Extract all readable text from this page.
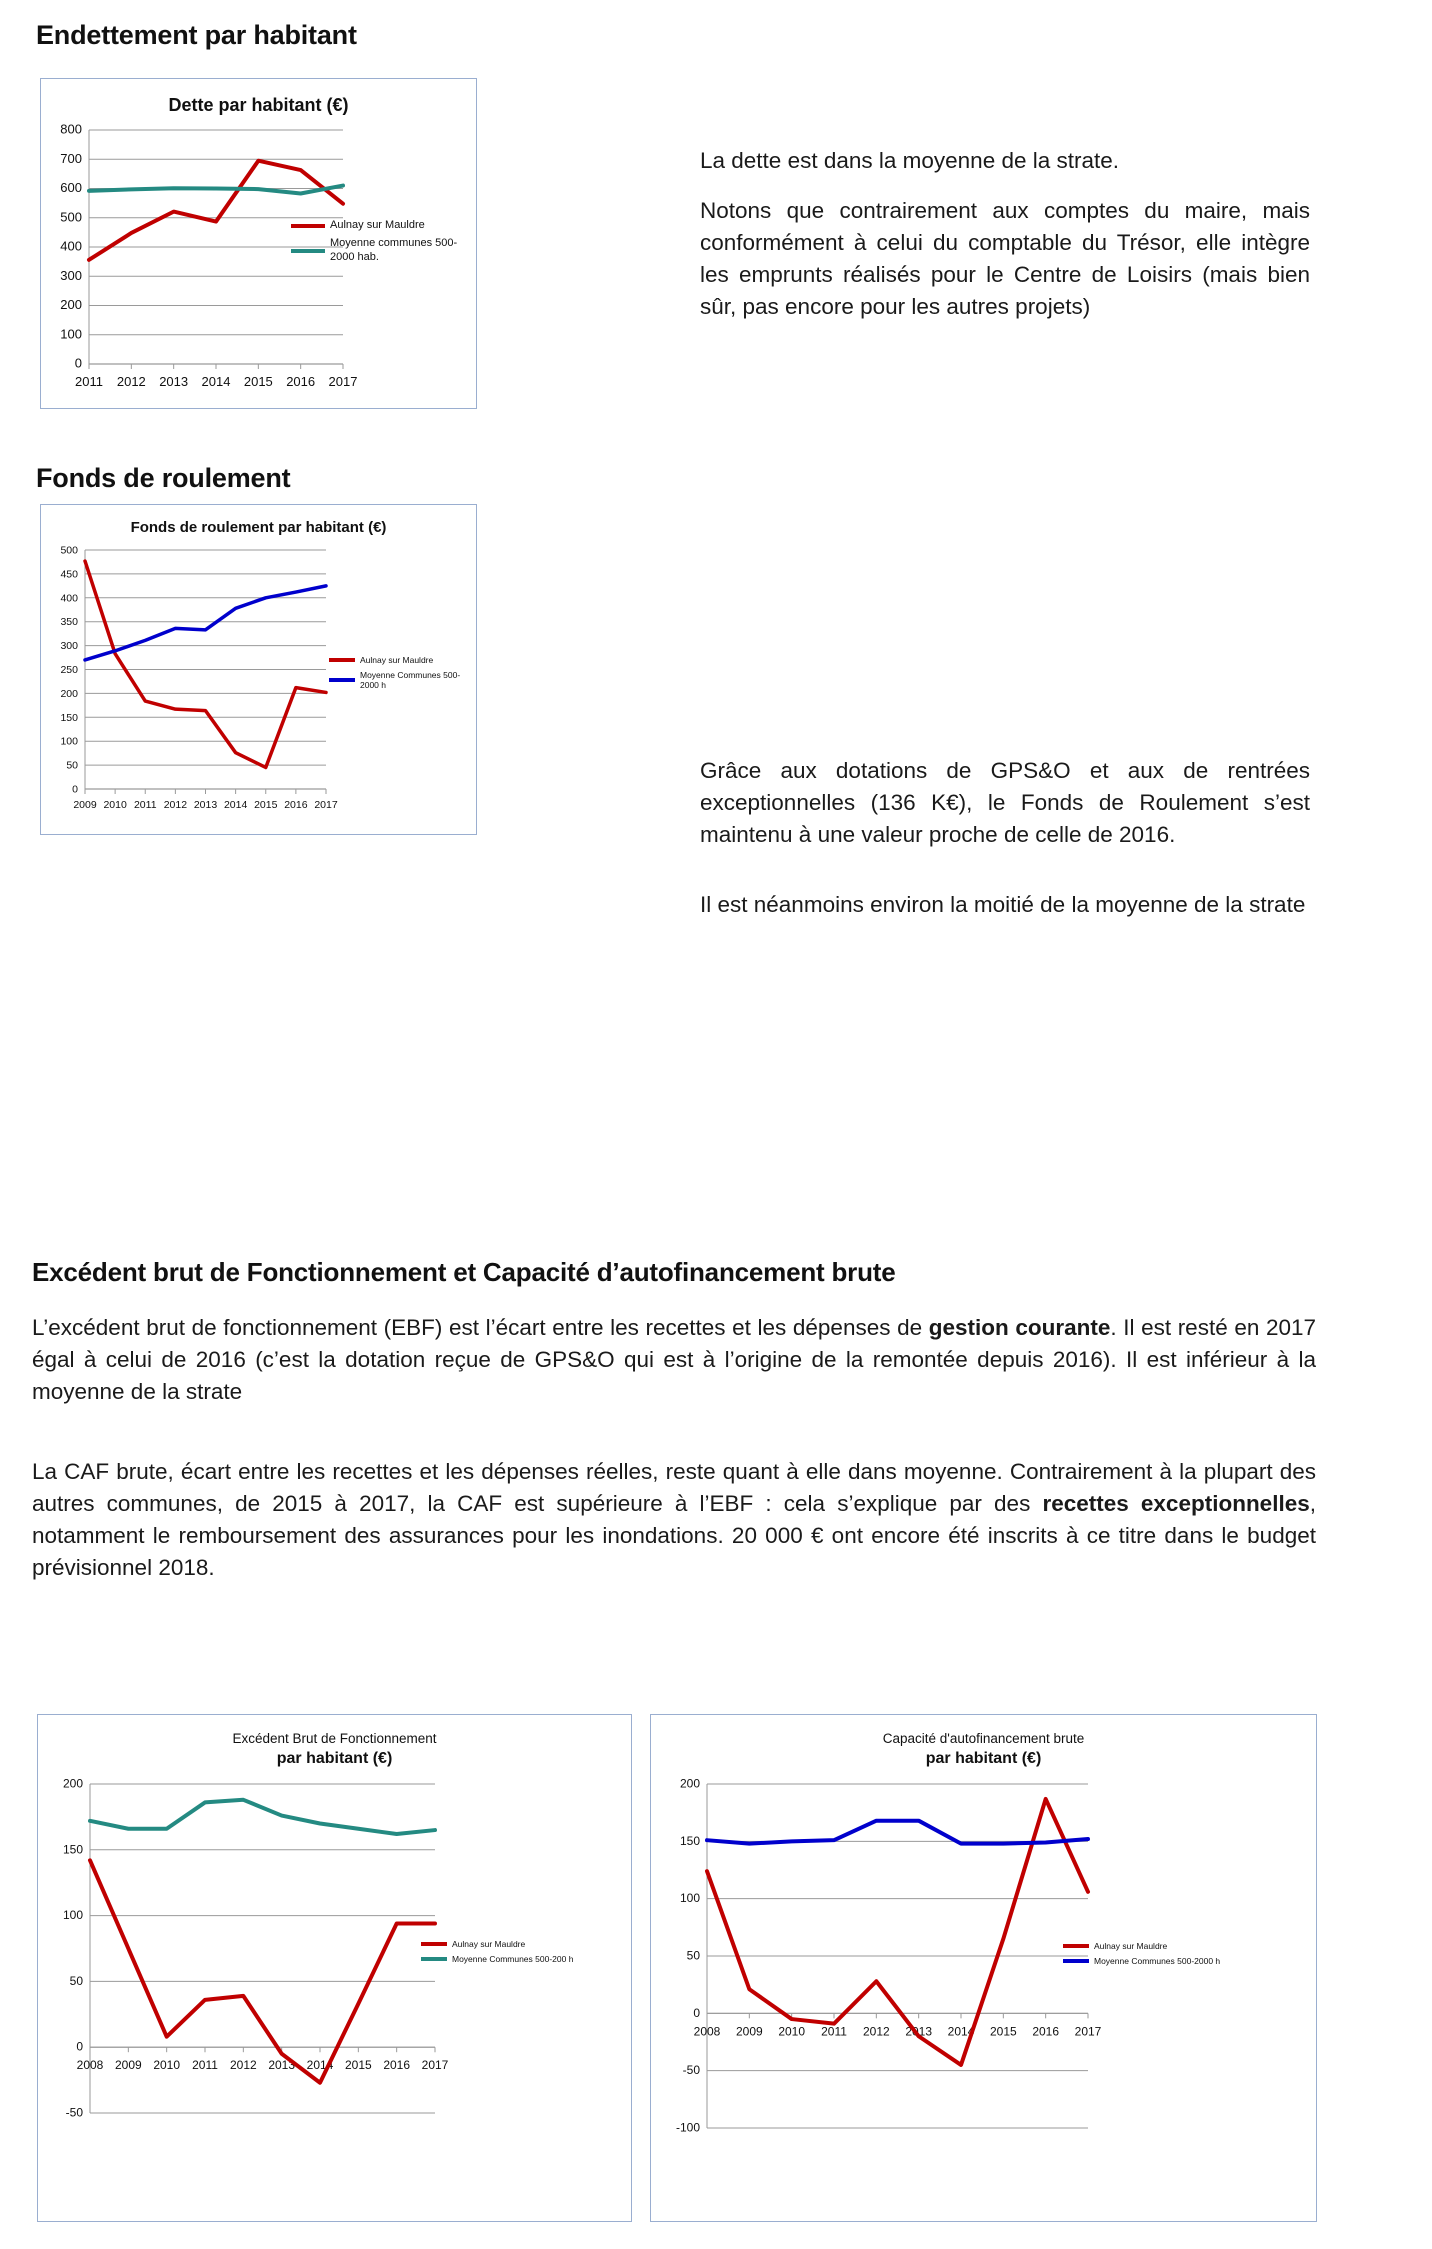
Endettement par habitant
Dette par habitant (€)
0
100
200
300
400
500
600
700
800
2011 2012 2013 2014 2015 2016 2017
Aulnay sur Mauldre
Moyenne communes 500-2000 hab.

La dette est dans la moyenne de la strate.

Notons que contrairement aux comptes du maire, mais conformément à celui du comptable du Trésor, elle intègre les emprunts réalisés pour le Centre de Loisirs (mais bien sûr, pas encore pour les autres projets)

Fonds de roulement
Fonds de roulement par habitant (€)
0
50
100
150
200
250
300
350
400
450
500
2009 2010 2011 2012 2013 2014 2015 2016 2017
Aulnay sur Mauldre
Moyenne Communes 500-2000 h

Grâce aux dotations de GPS&O et aux de rentrées exceptionnelles (136 K€), le Fonds de Roulement s’est maintenu à une valeur proche de celle de 2016.

Il est néanmoins environ la moitié de la moyenne de la strate

Excédent brut de Fonctionnement et Capacité d’autofinancement brute

L’excédent brut de fonctionnement (EBF) est l’écart entre les recettes et les dépenses de gestion courante. Il est resté en 2017 égal à celui de 2016 (c’est la dotation reçue de GPS&O qui est à l’origine de la remontée depuis 2016). Il est inférieur à la moyenne de la strate

La CAF brute, écart entre les recettes et les dépenses réelles, reste quant à elle dans moyenne. Contrairement à la plupart des autres communes, de 2015 à 2017, la CAF est supérieure à l’EBF : cela s’explique par des recettes exceptionnelles, notamment le remboursement des assurances pour les inondations. 20 000 € ont encore été inscrits à ce titre dans le budget prévisionnel 2018.

Excédent Brut de Fonctionnement
par habitant (€)
-50
0
50
100
150
200
2008 2009 2010 2011 2012 2013 2014 2015 2016 2017
Aulnay sur Mauldre
Moyenne Communes 500-200 h
Capacité d'autofinancement brute
par habitant (€)
-100
-50
0
50
100
150
200
2008 2009 2010 2011 2012 2013 2014 2015 2016 2017
Aulnay sur Mauldre
Moyenne Communes 500-2000 h
